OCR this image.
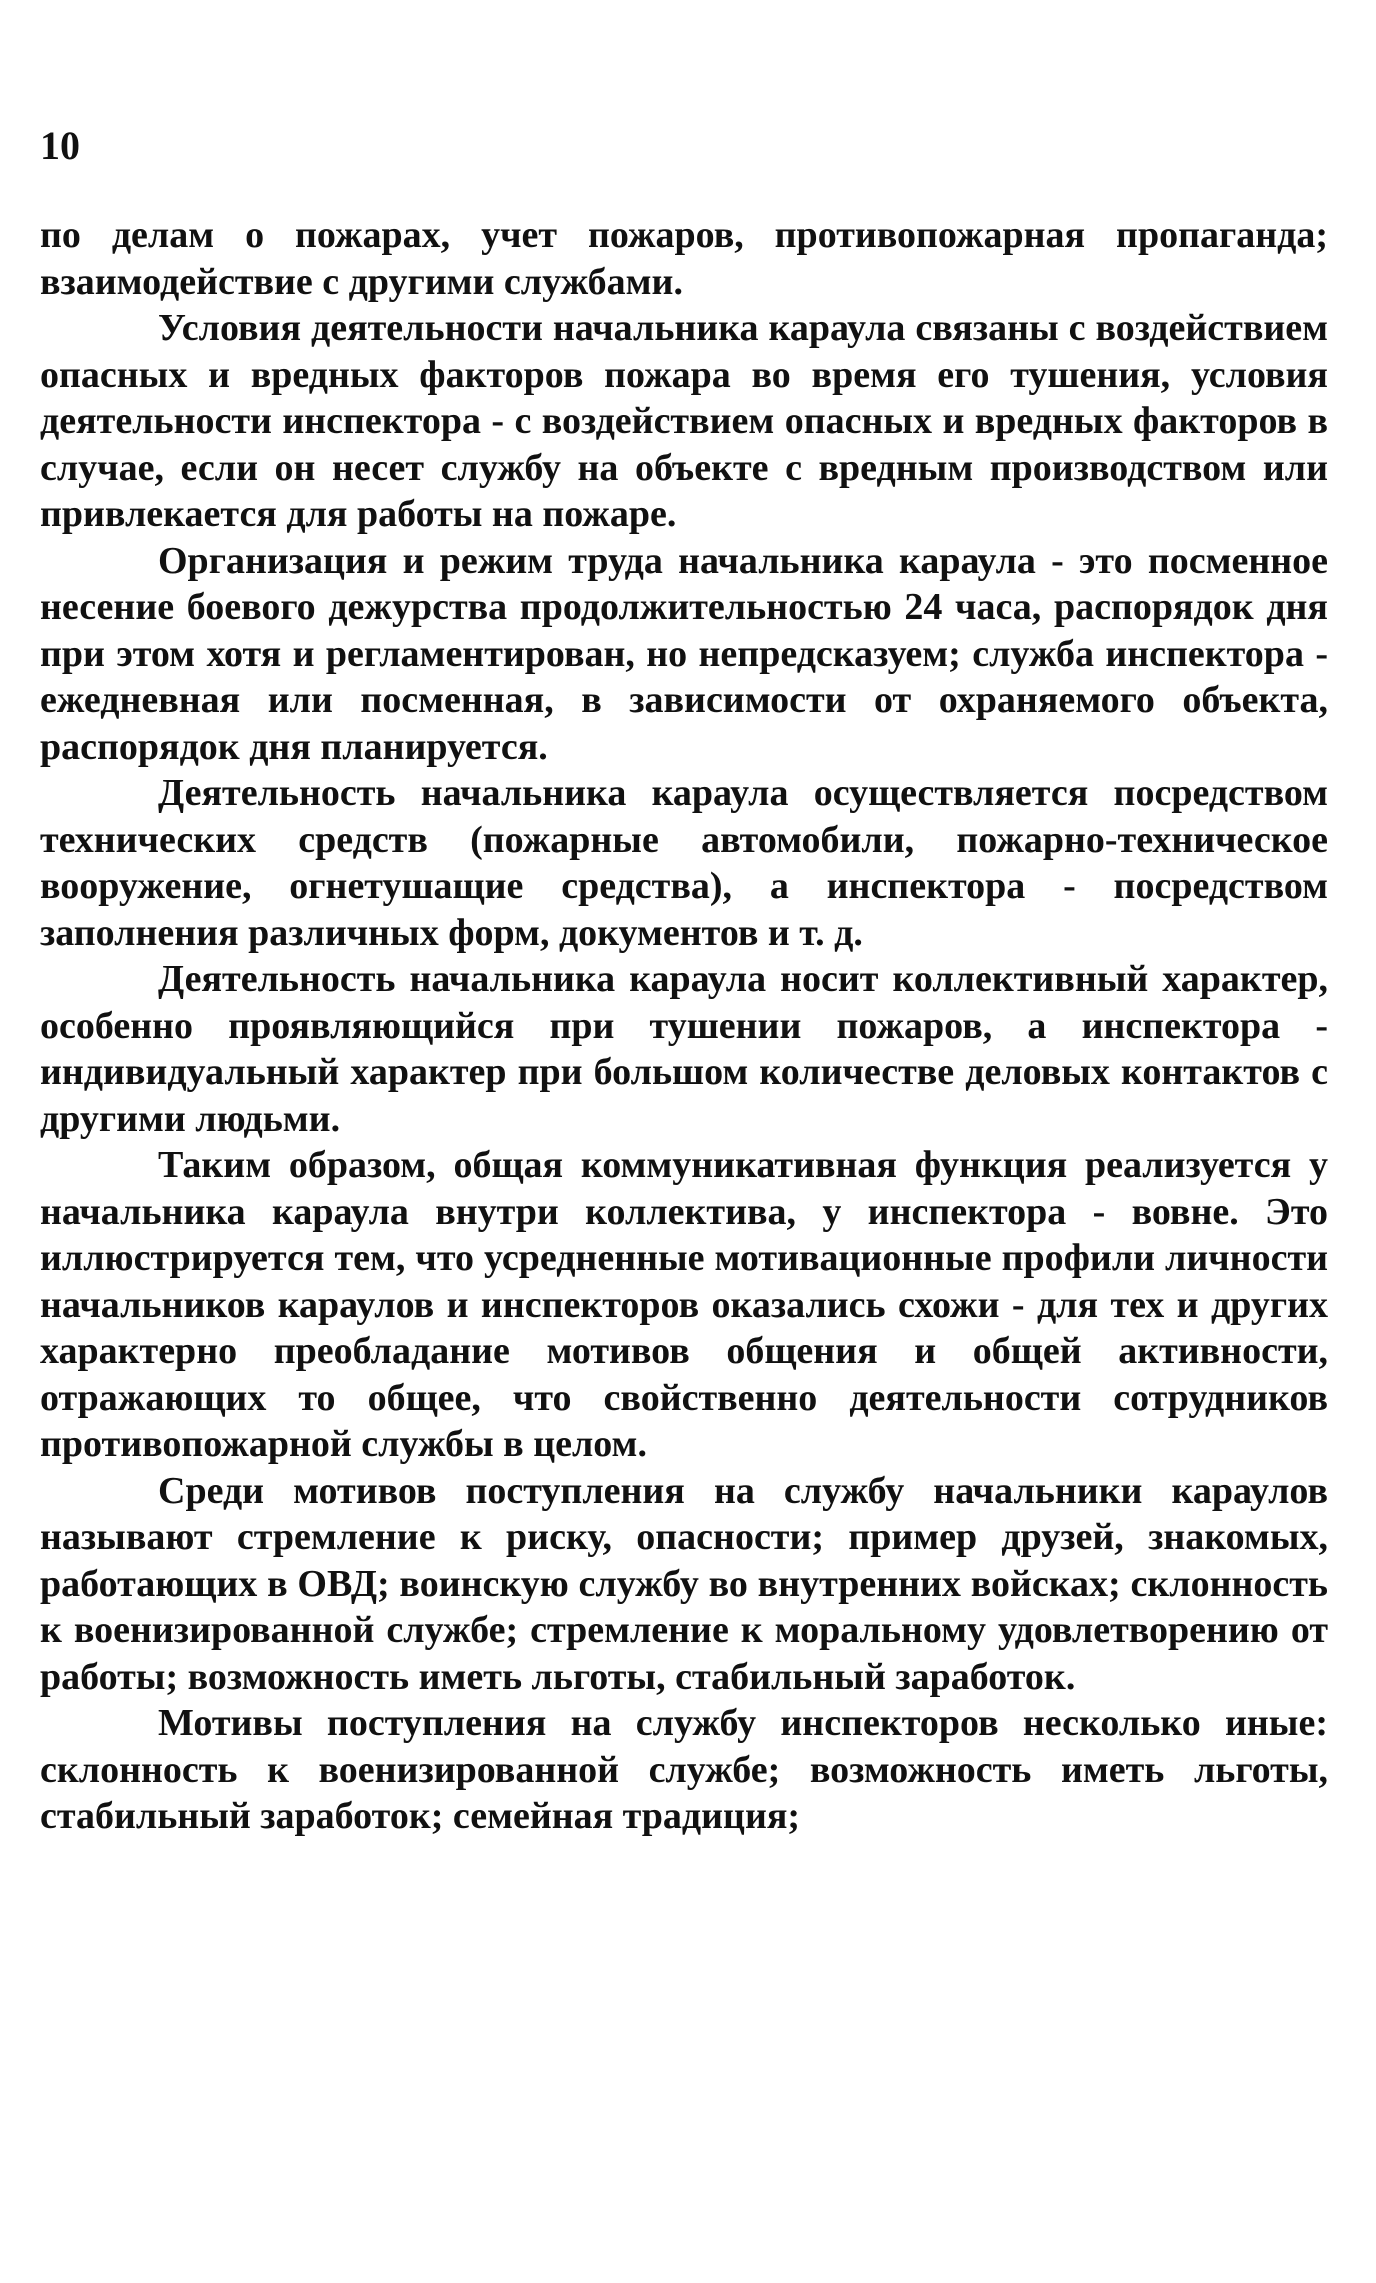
10

по делам о пожарах, учет пожаров, противопожарная пропаганда; взаимодействие с другими службами.

Условия деятельности начальника караула связаны с воздействием опасных и вредных факторов пожара во время его тушения, условия деятельности инспектора - с воздействием опасных и вредных факторов в случае, если он несет службу на объекте с вредным производством или привлекается для работы на пожаре.

Организация и режим труда начальника караула - это посменное несение боевого дежурства продолжительностью 24 часа, распорядок дня при этом хотя и регламентирован, но непредсказуем; служба инспектора - ежедневная или посменная, в зависимости от охраняемого объекта, распорядок дня планируется.

Деятельность начальника караула осуществляется посредством технических средств (пожарные автомобили, пожарно-техническое вооружение, огнетушащие средства), а инспектора - посредством заполнения различных форм, документов и т. д.

Деятельность начальника караула носит коллективный характер, особенно проявляющийся при тушении пожаров, а инспектора - индивидуальный характер при большом количестве деловых контактов с другими людьми.

Таким образом, общая коммуникативная функция реализуется у начальника караула внутри коллектива, у инспектора - вовне. Это иллюстрируется тем, что усредненные мотивационные профили личности начальников караулов и инспекторов оказались схожи - для тех и других характерно преобладание мотивов общения и общей активности, отражающих то общее, что свойственно деятельности сотрудников противопожарной службы в целом.

Среди мотивов поступления на службу начальники караулов называют стремление к риску, опасности; пример друзей, знакомых, работающих в ОВД; воинскую службу во внутренних войсках; склонность к военизированной службе; стремление к моральному удовлетворению от работы; возможность иметь льготы, стабильный заработок.

Мотивы поступления на службу инспекторов несколько иные: склонность к военизированной службе; возможность иметь льготы, стабильный заработок; семейная традиция;
